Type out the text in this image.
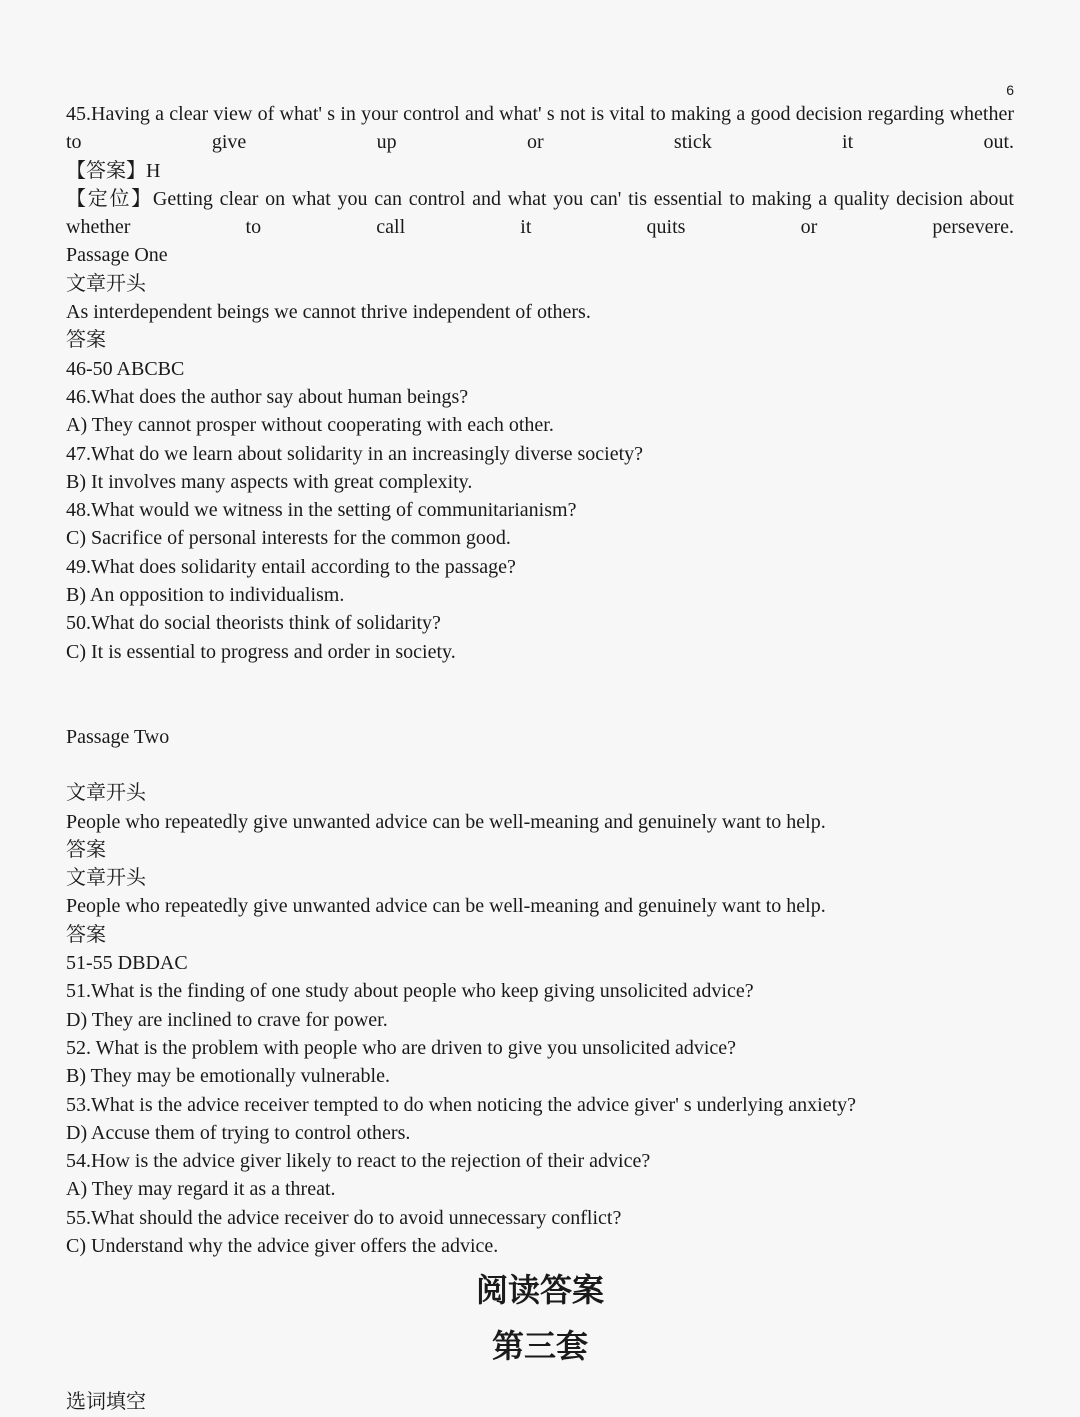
6
45.Having a clear view of what' s in your control and what' s not is vital to making a good decision regarding whether to give up or stick it out.
【答案】H
【定位】Getting clear on what you can control and what you can' tis essential to making a quality decision about whether to call it quits or persevere.
Passage One
文章开头
As interdependent beings we cannot thrive independent of others.
答案
46-50 ABCBC
46.What does the author say about human beings?
A) They cannot prosper without cooperating with each other.
47.What do we learn about solidarity in an increasingly diverse society?
B) It involves many aspects with great complexity.
48.What would we witness in the setting of communitarianism?
C) Sacrifice of personal interests for the common good.
49.What does solidarity entail according to the passage?
B) An opposition to individualism.
50.What do social theorists think of solidarity?
C) It is essential to progress and order in society.
Passage Two
文章开头
People who repeatedly give unwanted advice can be well-meaning and genuinely want to help.
答案
文章开头
People who repeatedly give unwanted advice can be well-meaning and genuinely want to help.
答案
51-55 DBDAC
51.What is the finding of one study about people who keep giving unsolicited advice?
D) They are inclined to crave for power.
52. What is the problem with people who are driven to give you unsolicited advice?
B) They may be emotionally vulnerable.
53.What is the advice receiver tempted to do when noticing the advice giver' s underlying anxiety?
D) Accuse them of trying to control others.
54.How is the advice giver likely to react to the rejection of their advice?
A) They may regard it as a threat.
55.What should the advice receiver do to avoid unnecessary conflict?
C) Understand why the advice giver offers the advice.
阅读答案
第三套
选词填空
